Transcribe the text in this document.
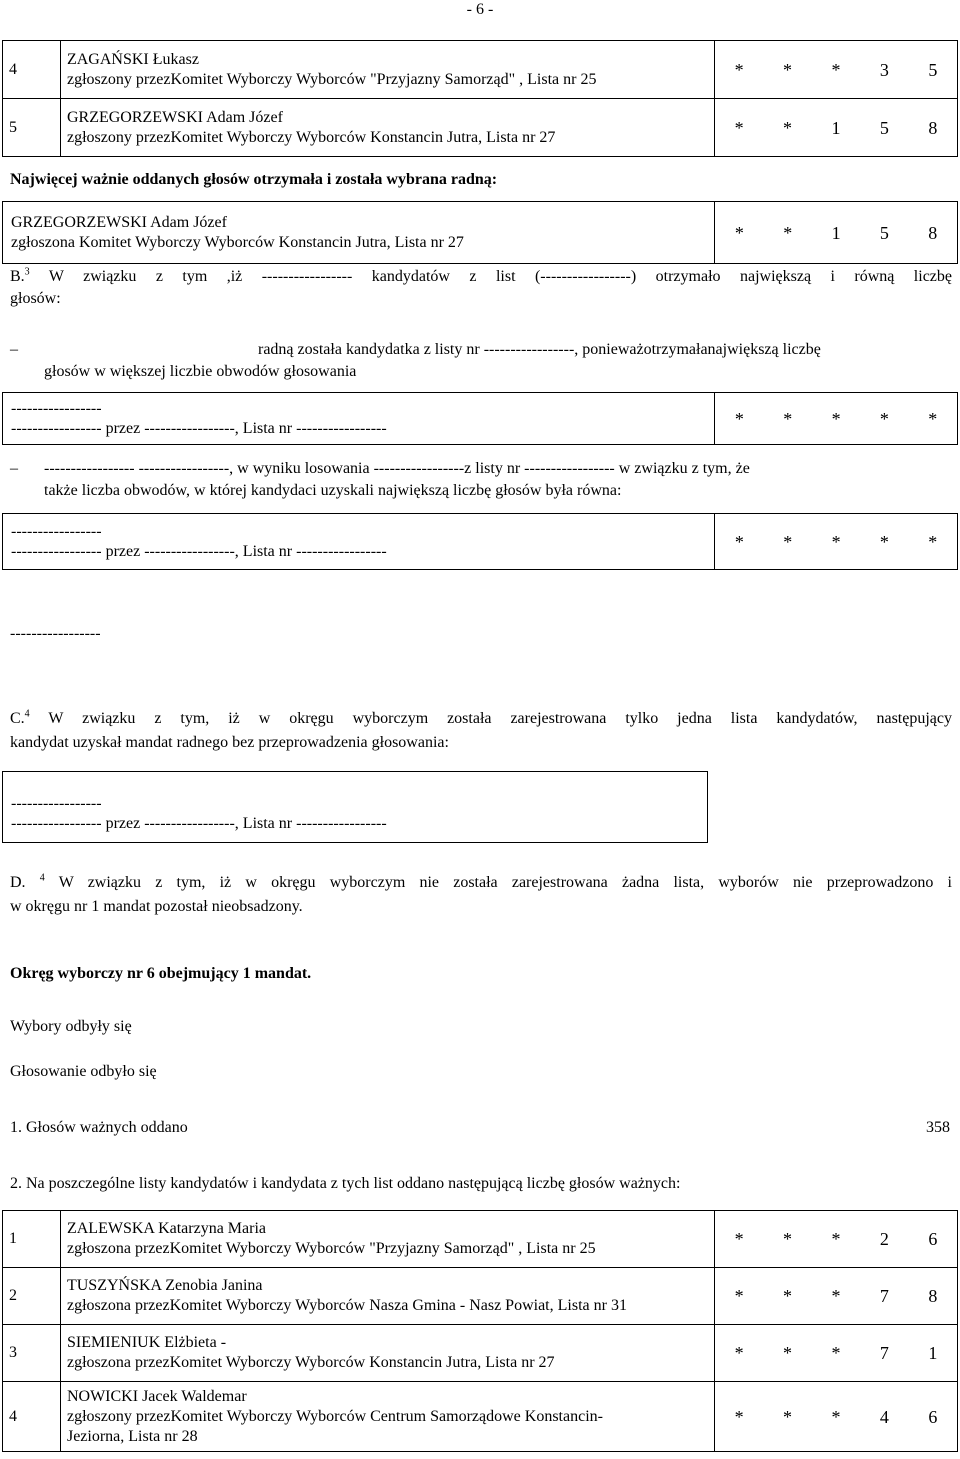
- 6 -
4	ZAGAŃSKI Łukasz
zgłoszony przezKomitet Wyborczy Wyborców "Przyjazny Samorząd" , Lista nr 25	* * * 3 5

5	GRZEGORZEWSKI Adam Józef
zgłoszony przezKomitet Wyborczy Wyborców Konstancin Jutra, Lista nr 27	* * 1 5 8
Najwięcej ważnie oddanych głosów otrzymała i została wybrana radną:
GRZEGORZEWSKI Adam Józef
zgłoszona Komitet Wyborczy Wyborców Konstancin Jutra, Lista nr 27	*	*	1	5	8
B.$^3$ W związku z tym ,iż ----------------- kandydatów z list (-----------------) otrzymało największą i równą liczbę
głosów:
–	radną została kandydatka z listy nr -----------------, ponieważotrzymałanajwiększą liczbę
głosów w większej liczbie obwodów głosowania
-----------------
----------------- przez -----------------, Lista nr -----------------	*	*	*	*	*
– ----------------- -----------------, w wyniku losowania -----------------z listy nr ----------------- w związku z tym, że
także liczba obwodów, w której kandydaci uzyskali największą liczbę głosów była równa:
-----------------
----------------- przez -----------------, Lista nr -----------------	*	*	*	*	*
-----------------
C.$^4$ W związku z tym, iż w okręgu wyborczym została zarejestrowana tylko jedna lista kandydatów, następujący
kandydat uzyskał mandat radnego bez przeprowadzenia głosowania:
-----------------
----------------- przez -----------------, Lista nr -----------------
D. $^4$ W związku z tym, iż w okręgu wyborczym nie została zarejestrowana żadna lista, wyborów nie przeprowadzono i
w okręgu nr 1 mandat pozostał nieobsadzony.
Okręg wyborczy nr 6 obejmujący 1 mandat.
Wybory odbyły się
Głosowanie odbyło się
1. Głosów ważnych oddano	358
2. Na poszczególne listy kandydatów i kandydata z tych list oddano następującą liczbę głosów ważnych:
1	ZALEWSKA Katarzyna Maria
zgłoszona przezKomitet Wyborczy Wyborców "Przyjazny Samorząd" , Lista nr 25	* * * 2 6

2	TUSZYŃSKA Zenobia Janina
zgłoszona przezKomitet Wyborczy Wyborców Nasza Gmina - Nasz Powiat, Lista nr 31	* * * 7 8

3	SIEMIENIUK Elżbieta -
zgłoszona przezKomitet Wyborczy Wyborców Konstancin Jutra, Lista nr 27	* * * 7 1

4	NOWICKI Jacek Waldemar
zgłoszony przezKomitet Wyborczy Wyborców Centrum Samorządowe Konstancin-
Jeziorna, Lista nr 28	* * * 4 6
